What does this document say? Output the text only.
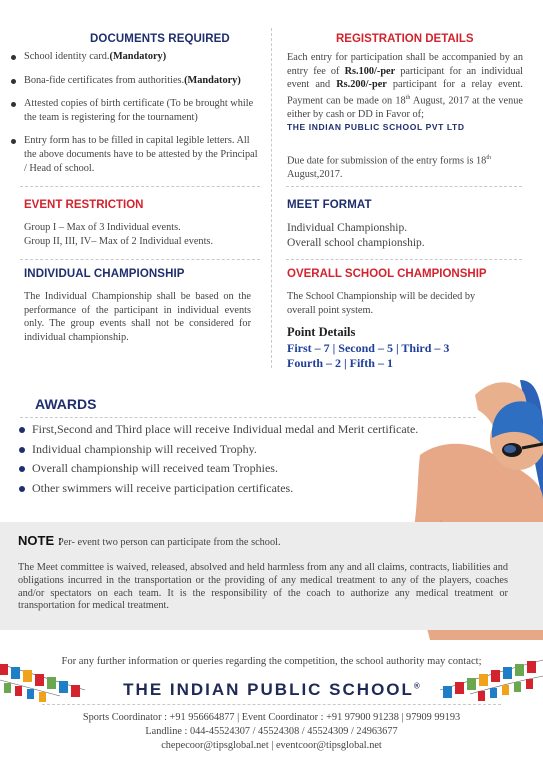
DOCUMENTS REQUIRED
School identity card.(Mandatory)
Bona-fide certificates from authorities.(Mandatory)
Attested copies of birth certificate (To be brought while the team is registering for the tournament)
Entry form has to be filled in capital legible letters. All the above documents have to be attested by the Principal / Head of school.
REGISTRATION DETAILS
Each entry for participation shall be accompanied by an entry fee of Rs.100/-per participant for an individual event and Rs.200/-per participant for a relay event. Payment can be made on 18th August, 2017 at the venue either by cash or DD in Favor of;
THE INDIAN PUBLIC SCHOOL PVT LTD
Due date for submission of the entry forms is 18th August,2017.
EVENT RESTRICTION
Group I – Max of 3 Individual events.
Group II, III, IV– Max of 2 Individual events.
MEET FORMAT
Individual Championship.
Overall school championship.
INDIVIDUAL CHAMPIONSHIP
The Individual Championship shall be based on the performance of the participant in individual events only. The group events shall not be considered for individual championship.
OVERALL SCHOOL CHAMPIONSHIP
The School Championship will be decided by overall point system.
Point Details
First – 7 | Second – 5 | Third – 3
Fourth – 2 | Fifth – 1
AWARDS
First,Second and Third place will receive Individual medal and Merit certificate.
Individual championship will received Trophy.
Overall championship will received team Trophies.
Other swimmers will receive participation certificates.
NOTE :
Per- event two person can participate from the school.
The Meet committee is waived, released, absolved and held harmless from any and all claims, contracts, liabilities and obligations incurred in the transportation or the providing of any medical treatment to any of the players, coaches and/or spectators on each team. It is the responsibility of the coach to authorize any medical treatment or transportation for medical treatment.
For any further information or queries regarding the competition, the school authority may contact;
THE INDIAN PUBLIC SCHOOL®
Sports Coordinator : +91 956664877 | Event Coordinator : +91 97900 91238 | 97909 99193
Landline : 044-45524307 / 45524308 / 45524309 / 24963677
chepecoor@tipsglobal.net | eventcoor@tipsglobal.net
